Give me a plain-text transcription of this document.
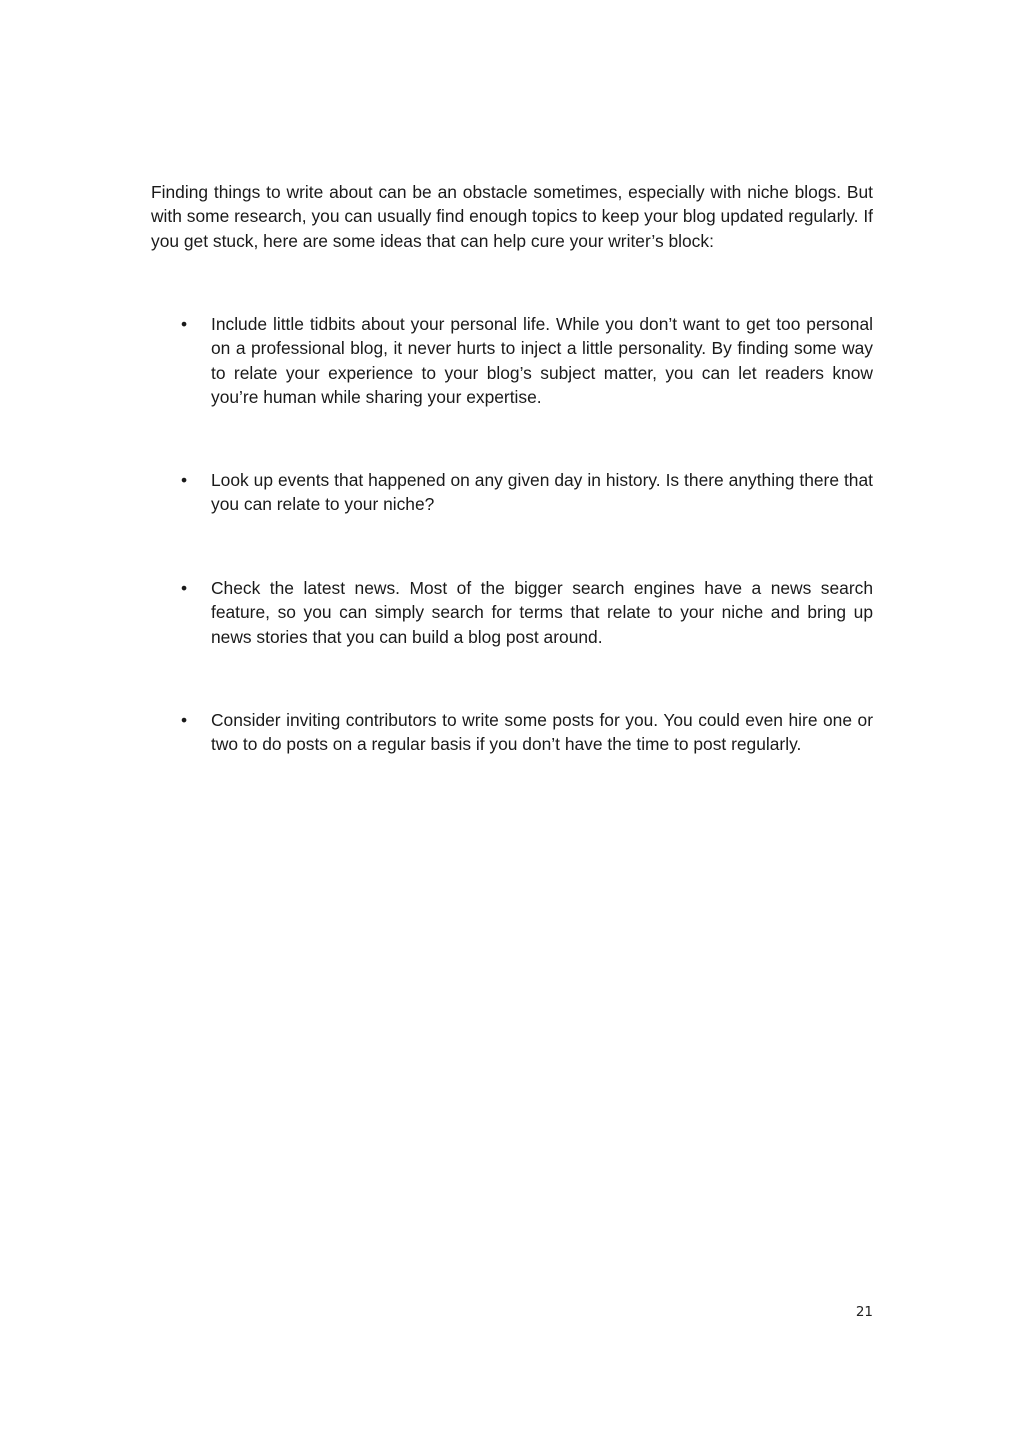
Finding things to write about can be an obstacle sometimes, especially with niche blogs. But with some research, you can usually find enough topics to keep your blog updated regularly. If you get stuck, here are some ideas that can help cure your writer’s block:

• Include little tidbits about your personal life. While you don’t want to get too personal on a professional blog, it never hurts to inject a little personality. By finding some way to relate your experience to your blog’s subject matter, you can let readers know you’re human while sharing your expertise.
• Look up events that happened on any given day in history. Is there anything there that you can relate to your niche?
• Check the latest news. Most of the bigger search engines have a news search feature, so you can simply search for terms that relate to your niche and bring up news stories that you can build a blog post around.
• Consider inviting contributors to write some posts for you. You could even hire one or two to do posts on a regular basis if you don’t have the time to post regularly.
21
